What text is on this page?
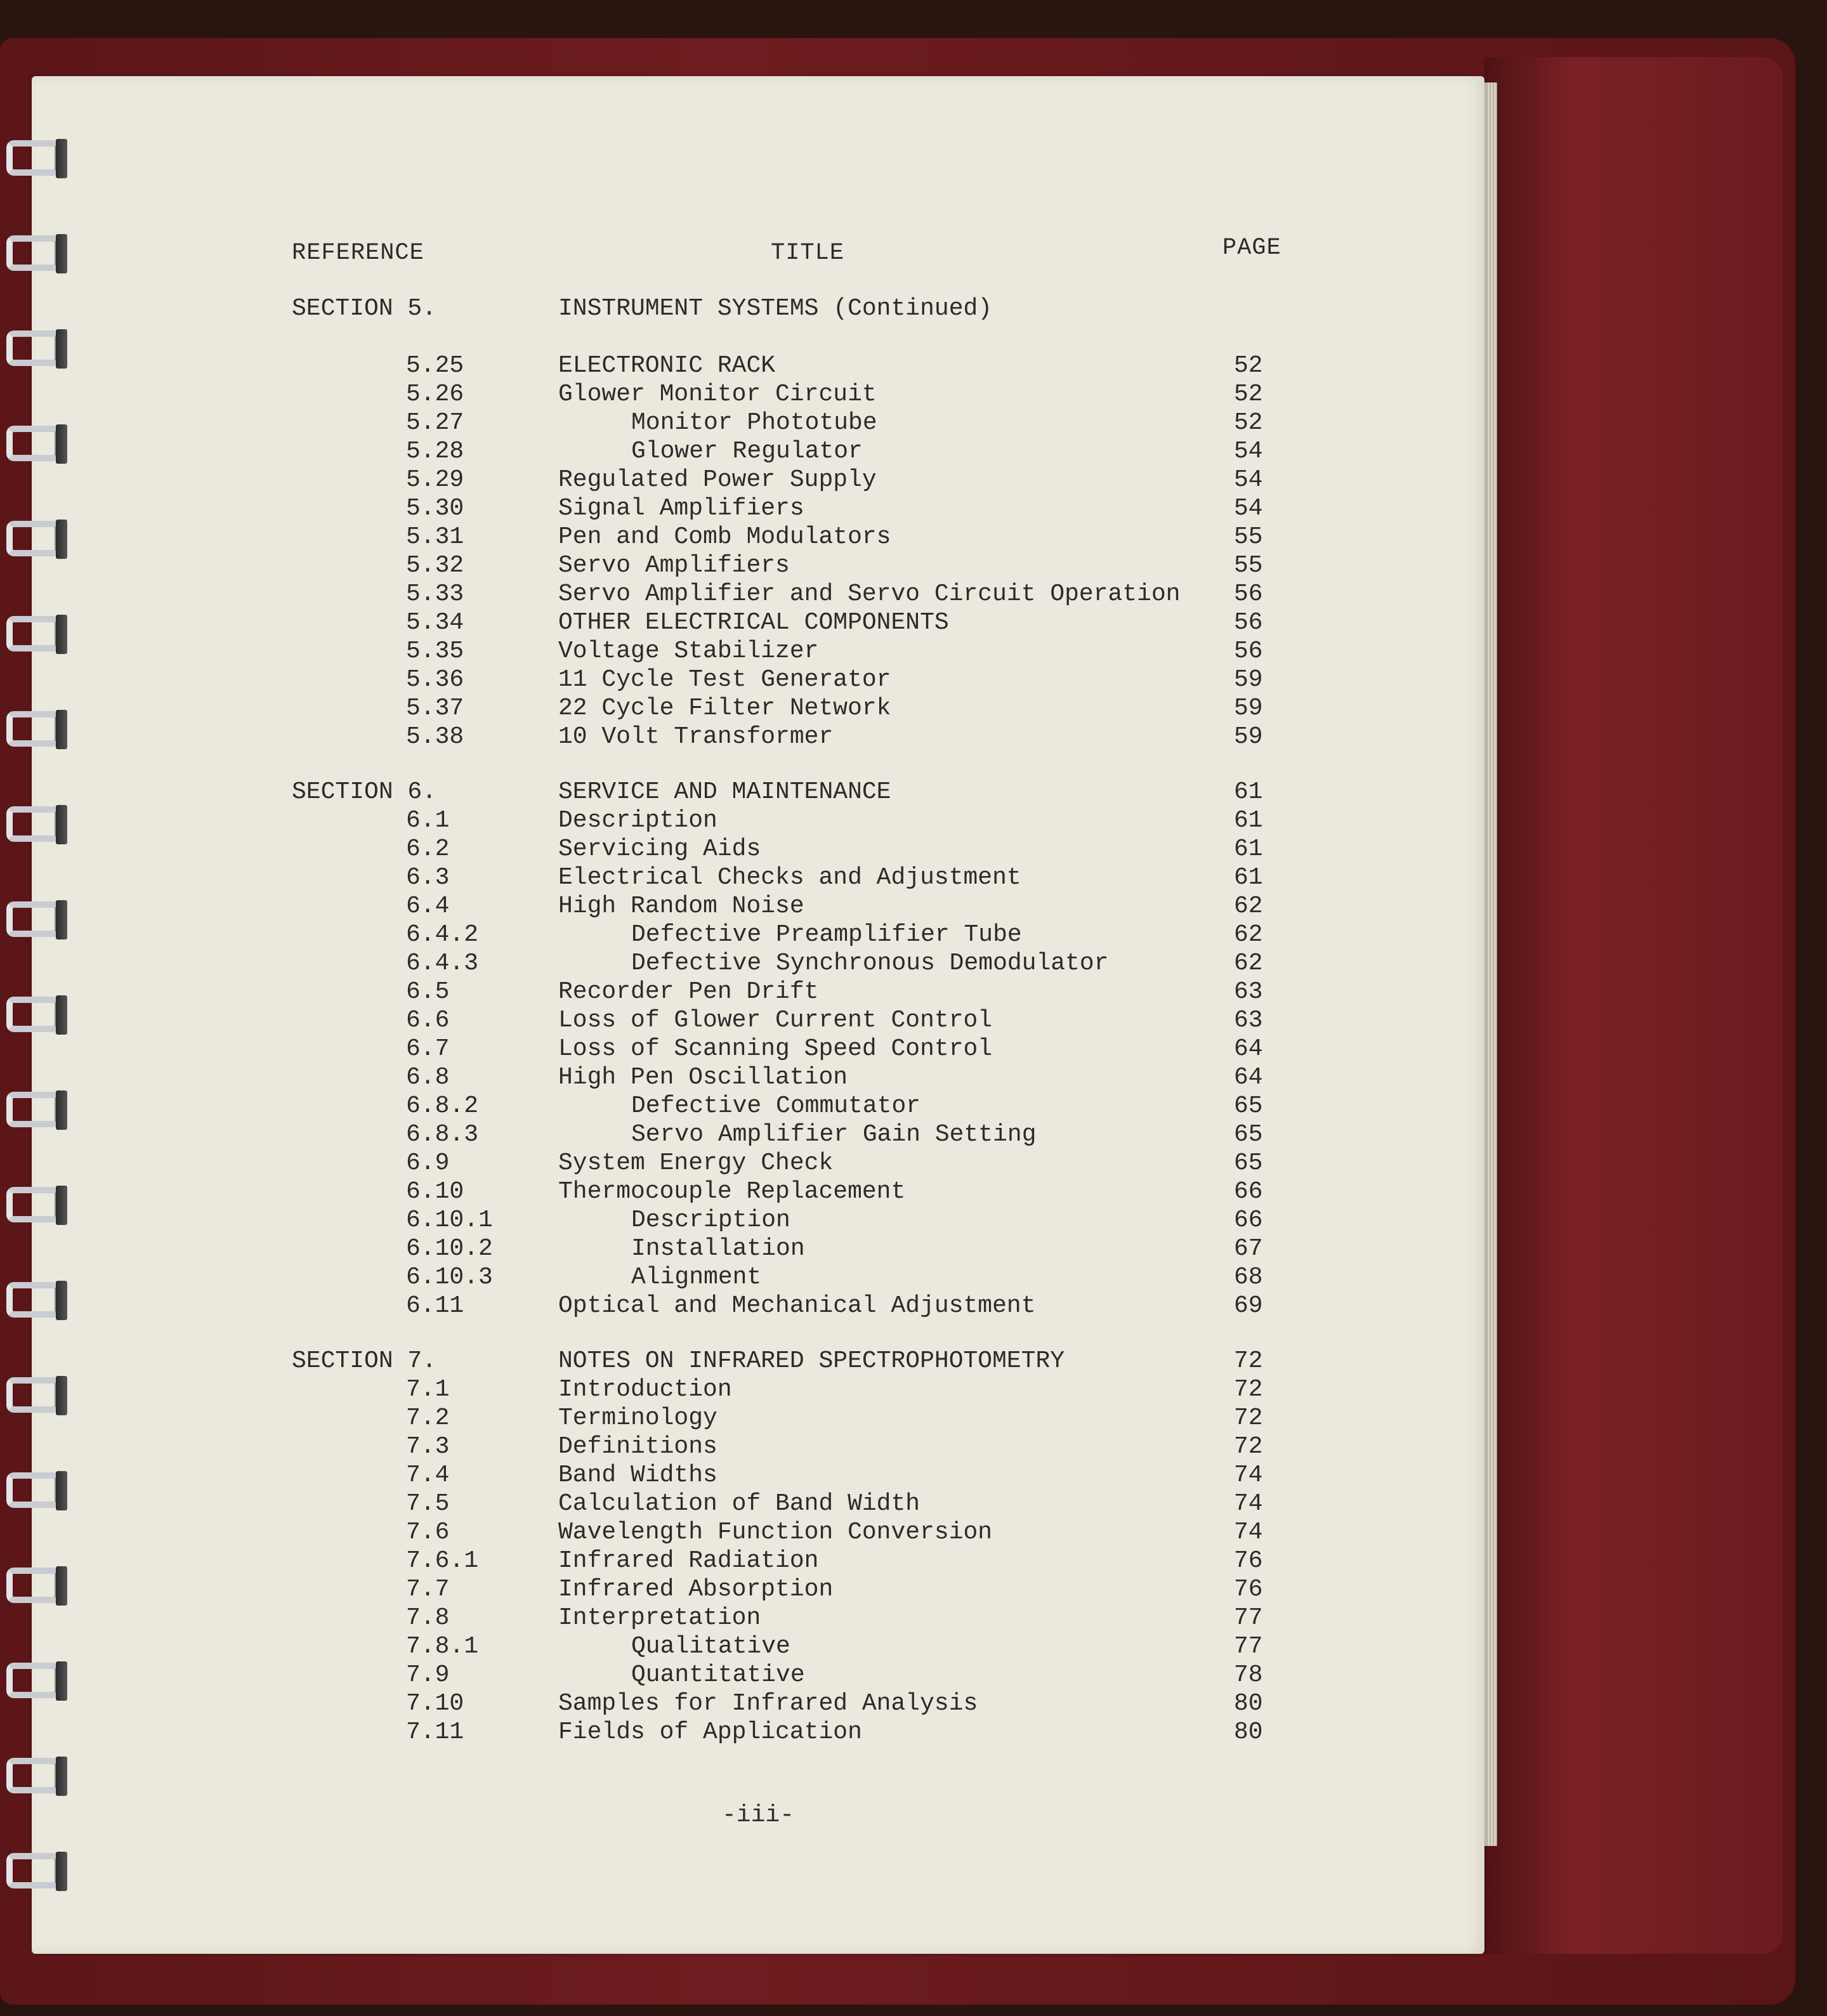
REFERENCE	TITLE	PAGE
SECTION 5.	INSTRUMENT SYSTEMS (Continued)
5.25	ELECTRONIC RACK	52
5.26	Glower Monitor Circuit	52
5.27	Monitor Phototube	52
5.28	Glower Regulator	54
5.29	Regulated Power Supply	54
5.30	Signal Amplifiers	54
5.31	Pen and Comb Modulators	55
5.32	Servo Amplifiers	55
5.33	Servo Amplifier and Servo Circuit Operation 56
5.34	OTHER ELECTRICAL COMPONENTS	56
5.35	Voltage Stabilizer	56
5.36	11 Cycle Test Generator	59
5.37	22 Cycle Filter Network	59
5.38	10 Volt Transformer	59
SECTION 6.	SERVICE AND MAINTENANCE	61
6.1	Description	61
6.2	Servicing Aids	61
6.3	Electrical Checks and Adjustment	61
6.4	High Random Noise	62
6.4.2	Defective Preamplifier Tube	62
6.4.3	Defective Synchronous Demodulator	62
6.5	Recorder Pen Drift	63
6.6	Loss of Glower Current Control	63
6.7	Loss of Scanning Speed Control	64
6.8	High Pen Oscillation	64
6.8.2	Defective Commutator	65
6.8.3	Servo Amplifier Gain Setting	65
6.9	System Energy Check	65
6.10	Thermocouple Replacement	66
6.10.1	Description	66
6.10.2	Installation	67
6.10.3	Alignment	68
6.11	Optical and Mechanical Adjustment	69
SECTION 7.	NOTES ON INFRARED SPECTROPHOTOMETRY	72
7.1	Introduction	72
7.2	Terminology	72
7.3	Definitions	72
7.4	Band Widths	74
7.5	Calculation of Band Width	74
7.6	Wavelength Function Conversion	74
7.6.1	Infrared Radiation	76
7.7	Infrared Absorption	76
7.8	Interpretation	77
7.8.1	Qualitative	77
7.9	Quantitative	78
7.10	Samples for Infrared Analysis	80
7.11	Fields of Application	80
-iii-
